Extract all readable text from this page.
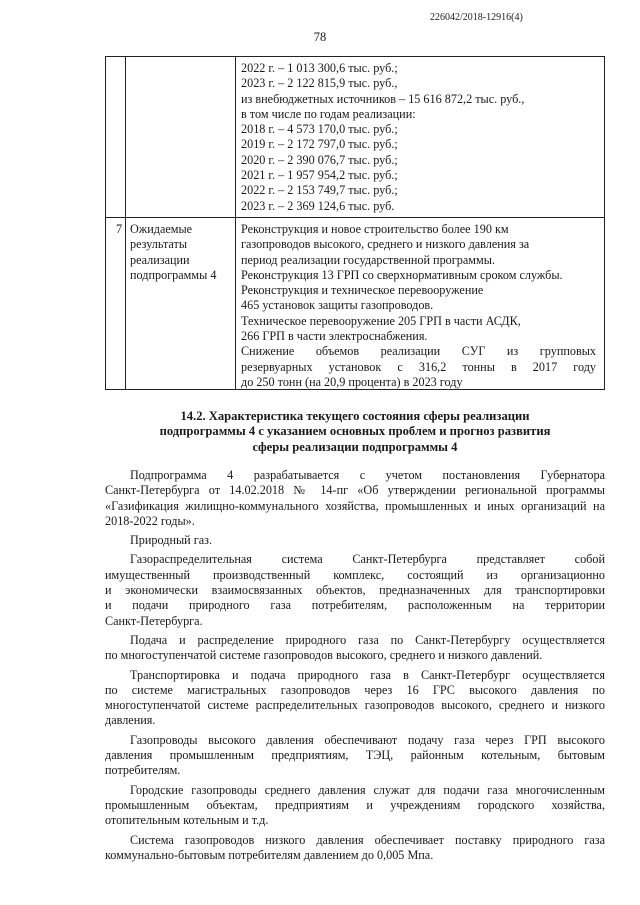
226042/2018-12916(4)
78
2022 г. – 1 013 300,6 тыс. руб.;
2023 г. – 2 122 815,9 тыс. руб.,
из внебюджетных источников – 15 616 872,2 тыс. руб.,
в том числе по годам реализации:
2018 г. – 4 573 170,0 тыс. руб.;
2019 г. – 2 172 797,0 тыс. руб.;
2020 г. – 2 390 076,7 тыс. руб.;
2021 г. – 1 957 954,2 тыс. руб.;
2022 г. – 2 153 749,7 тыс. руб.;
2023 г. – 2 369 124,6 тыс. руб.
7 Ожидаемые
результаты
реализации
подпрограммы 4
Реконструкция и новое строительство более 190 км
газопроводов высокого, среднего и низкого давления за
период реализации государственной программы.
Реконструкция 13 ГРП со сверхнормативным сроком службы.
Реконструкция и техническое перевооружение
465 установок защиты газопроводов.
Техническое перевооружение 205 ГРП в части АСДК,
266 ГРП в части электроснабжения.
Снижение объемов реализации СУГ из групповых
резервуарных установок с 316,2 тонны в 2017 году
до 250 тонн (на 20,9 процента) в 2023 году
14.2. Характеристика текущего состояния сферы реализации
подпрограммы 4 с указанием основных проблем и прогноз развития
сферы реализации подпрограммы 4

Подпрограмма 4 разрабатывается с учетом постановления Губернатора
Санкт-Петербурга от 14.02.2018 № 14-пг «Об утверждении региональной программы
«Газификация жилищно-коммунального хозяйства, промышленных и иных организаций на
2018-2022 годы».

Природный газ.

Газораспределительная система Санкт-Петербурга представляет собой
имущественный производственный комплекс, состоящий из организационно
и экономически взаимосвязанных объектов, предназначенных для транспортировки
и подачи природного газа потребителям, расположенным на территории
Санкт-Петербурга.

Подача и распределение природного газа по Санкт-Петербургу осуществляется
по многоступенчатой системе газопроводов высокого, среднего и низкого давлений.

Транспортировка и подача природного газа в Санкт-Петербург осуществляется
по системе магистральных газопроводов через 16 ГРС высокого давления по
многоступенчатой системе распределительных газопроводов высокого, среднего и низкого
давления.

Газопроводы высокого давления обеспечивают подачу газа через ГРП высокого
давления промышленным предприятиям, ТЭЦ, районным котельным, бытовым
потребителям.

Городские газопроводы среднего давления служат для подачи газа многочисленным
промышленным объектам, предприятиям и учреждениям городского хозяйства,
отопительным котельным и т.д.

Система газопроводов низкого давления обеспечивает поставку природного газа
коммунально-бытовым потребителям давлением до 0,005 Мпа.
